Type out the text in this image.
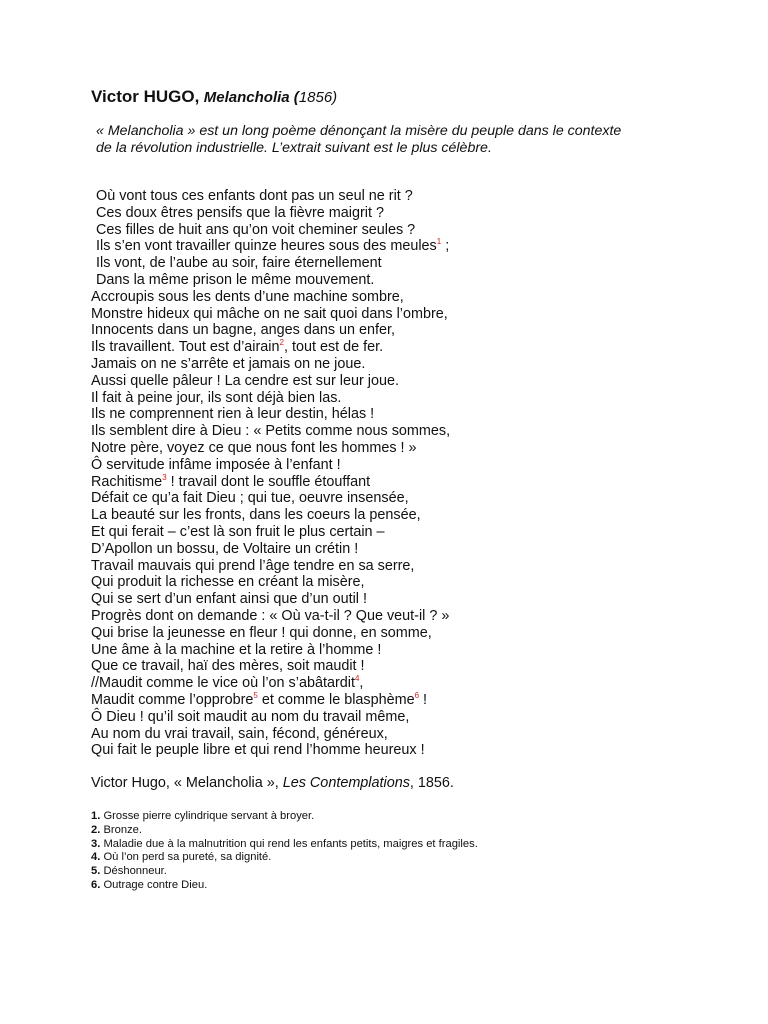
Victor HUGO, Melancholia (1856)
« Melancholia » est un long poème dénonçant la misère du peuple dans le contexte
de la révolution industrielle. L’extrait suivant est le plus célèbre.
Où vont tous ces enfants dont pas un seul ne rit ?
Ces doux êtres pensifs que la fièvre maigrit ?
Ces filles de huit ans qu’on voit cheminer seules ?
Ils s’en vont travailler quinze heures sous des meules$^1$ ;
Ils vont, de l’aube au soir, faire éternellement
Dans la même prison le même mouvement.
Accroupis sous les dents d’une machine sombre,
Monstre hideux qui mâche on ne sait quoi dans l’ombre,
Innocents dans un bagne, anges dans un enfer,
Ils travaillent. Tout est d’airain$^2$, tout est de fer.
Jamais on ne s’arrête et jamais on ne joue.
Aussi quelle pâleur ! La cendre est sur leur joue.
Il fait à peine jour, ils sont déjà bien las.
Ils ne comprennent rien à leur destin, hélas !
Ils semblent dire à Dieu : « Petits comme nous sommes,
Notre père, voyez ce que nous font les hommes ! »
Ô servitude infâme imposée à l’enfant !
Rachitisme$^3$ ! travail dont le souffle étouffant
Défait ce qu’a fait Dieu ; qui tue, oeuvre insensée,
La beauté sur les fronts, dans les coeurs la pensée,
Et qui ferait – c’est là son fruit le plus certain –
D’Apollon un bossu, de Voltaire un crétin !
Travail mauvais qui prend l’âge tendre en sa serre,
Qui produit la richesse en créant la misère,
Qui se sert d’un enfant ainsi que d’un outil !
Progrès dont on demande : « Où va-t-il ? Que veut-il ? »
Qui brise la jeunesse en fleur ! qui donne, en somme,
Une âme à la machine et la retire à l’homme !
Que ce travail, haï des mères, soit maudit !
//Maudit comme le vice où l’on s’abâtardit$^4$,
Maudit comme l’opprobre$^5$ et comme le blasphème$^6$ !
Ô Dieu ! qu’il soit maudit au nom du travail même,
Au nom du vrai travail, sain, fécond, généreux,
Qui fait le peuple libre et qui rend l’homme heureux !
Victor Hugo, « Melancholia », Les Contemplations, 1856.
1. Grosse pierre cylindrique servant à broyer.
2. Bronze.
3. Maladie due à la malnutrition qui rend les enfants petits, maigres et fragiles.
4. Où l’on perd sa pureté, sa dignité.
5. Déshonneur.
6. Outrage contre Dieu.
